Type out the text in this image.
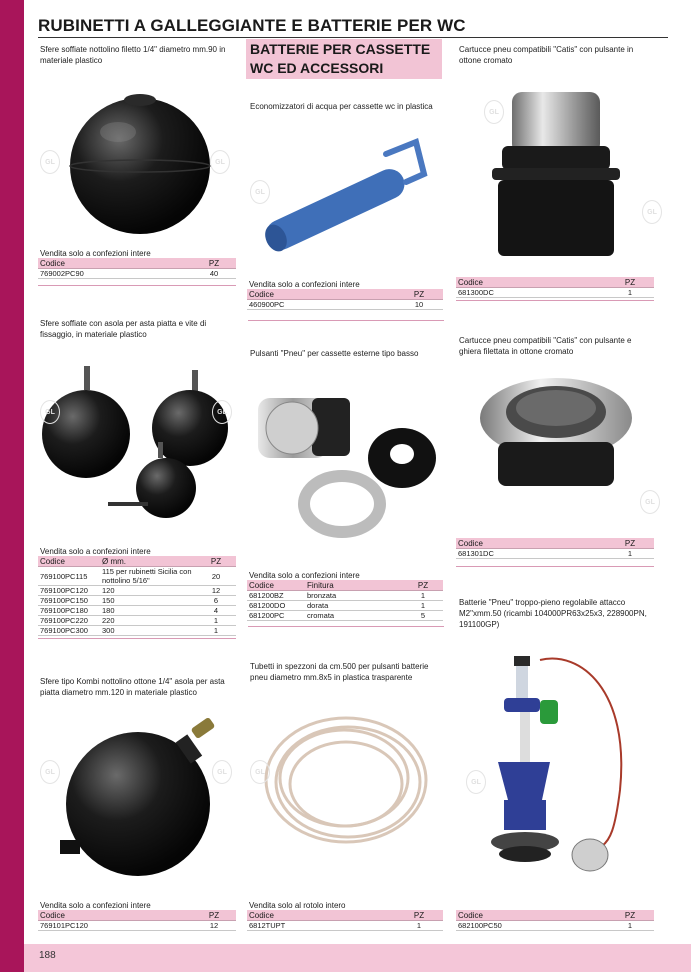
188
RUBINETTI A GALLEGGIANTE E BATTERIE PER WC
BATTERIE PER CASSETTE WC ED ACCESSORI
Sfere soffiate nottolino filetto 1/4" diametro mm.90 in materiale plastico
GL	GL
Vendita solo a confezioni intere
Codice	PZ
769002PC90	40
Sfere soffiate con asola per asta piatta e vite di fissaggio, in materiale plastico
GL	GL
Vendita solo a confezioni intere
Codice	Ø mm.	PZ
769100PC115	115 per rubinetti Sicilia con nottolino 5/16"	20
769100PC120	120	12
769100PC150	150	6
769100PC180	180	4
769100PC220	220	1
769100PC300	300	1
Sfere tipo Kombi nottolino ottone 1/4" asola per asta piatta diametro mm.120 in materiale plastico
GL	GL
Vendita solo a confezioni intere
Codice	PZ
769101PC120	12
Economizzatori di acqua per cassette wc in plastica
GL
Vendita solo a confezioni intere
Codice	PZ
460900PC	10
Pulsanti "Pneu" per cassette esterne tipo basso
Vendita solo a confezioni intere
Codice	Finitura	PZ
681200BZ	bronzata	1
681200DO	dorata	1
681200PC	cromata	5
Tubetti in spezzoni da cm.500 per pulsanti batterie pneu diametro mm.8x5 in plastica trasparente
GL
Vendita solo al rotolo intero
Codice	PZ
6812TUPT	1
Cartucce pneu compatibili "Catis" con pulsante in ottone cromato
GL
GL
Codice	PZ
681300DC	1
Cartucce pneu compatibili "Catis" con pulsante e ghiera filettata in ottone cromato
GL
Codice	PZ
681301DC	1
Batterie "Pneu" troppo-pieno regolabile attacco M2"xmm.50 (ricambi 104000PR63x25x3, 228900PN, 191100GP)
GL
Codice	PZ
682100PC50	1
